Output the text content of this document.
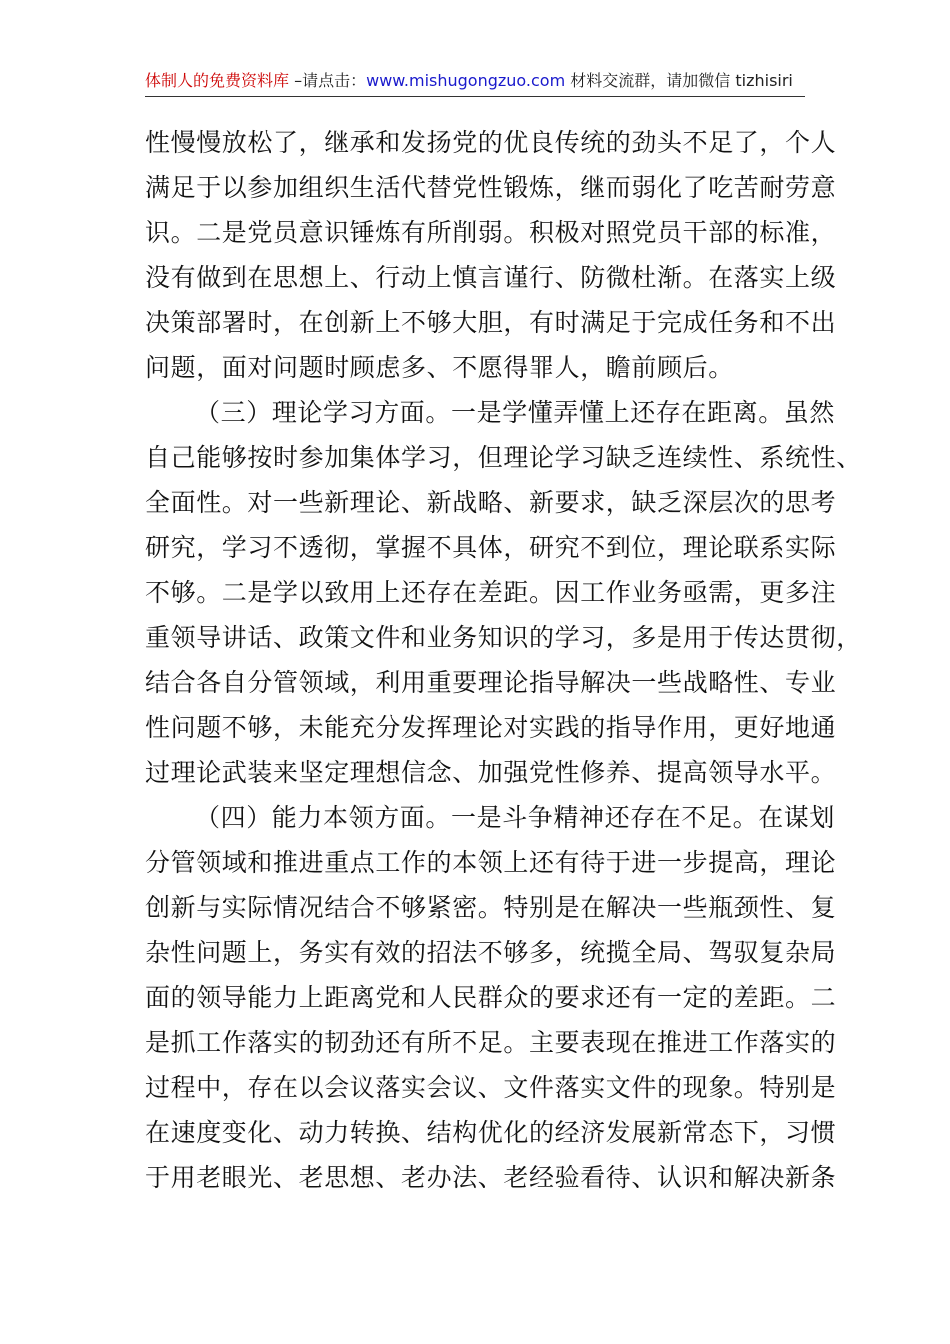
体制人的免费资料库 –请点击：www.mishugongzuo.com 材料交流群，请加微信 tizhisiri
性慢慢放松了，继承和发扬党的优良传统的劲头不足了，个人
满足于以参加组织生活代替党性锻炼，继而弱化了吃苦耐劳意
识。二是党员意识锤炼有所削弱。积极对照党员干部的标准，
没有做到在思想上、行动上慎言谨行、防微杜渐。在落实上级
决策部署时，在创新上不够大胆，有时满足于完成任务和不出
问题，面对问题时顾虑多、不愿得罪人，瞻前顾后。
（三）理论学习方面。一是学懂弄懂上还存在距离。虽然
自己能够按时参加集体学习，但理论学习缺乏连续性、系统性、
全面性。对一些新理论、新战略、新要求，缺乏深层次的思考
研究，学习不透彻，掌握不具体，研究不到位，理论联系实际
不够。二是学以致用上还存在差距。因工作业务亟需，更多注
重领导讲话、政策文件和业务知识的学习，多是用于传达贯彻，
结合各自分管领域，利用重要理论指导解决一些战略性、专业
性问题不够，未能充分发挥理论对实践的指导作用，更好地通
过理论武装来坚定理想信念、加强党性修养、提高领导水平。
（四）能力本领方面。一是斗争精神还存在不足。在谋划
分管领域和推进重点工作的本领上还有待于进一步提高，理论
创新与实际情况结合不够紧密。特别是在解决一些瓶颈性、复
杂性问题上，务实有效的招法不够多，统揽全局、驾驭复杂局
面的领导能力上距离党和人民群众的要求还有一定的差距。二
是抓工作落实的韧劲还有所不足。主要表现在推进工作落实的
过程中，存在以会议落实会议、文件落实文件的现象。特别是
在速度变化、动力转换、结构优化的经济发展新常态下，习惯
于用老眼光、老思想、老办法、老经验看待、认识和解决新条
